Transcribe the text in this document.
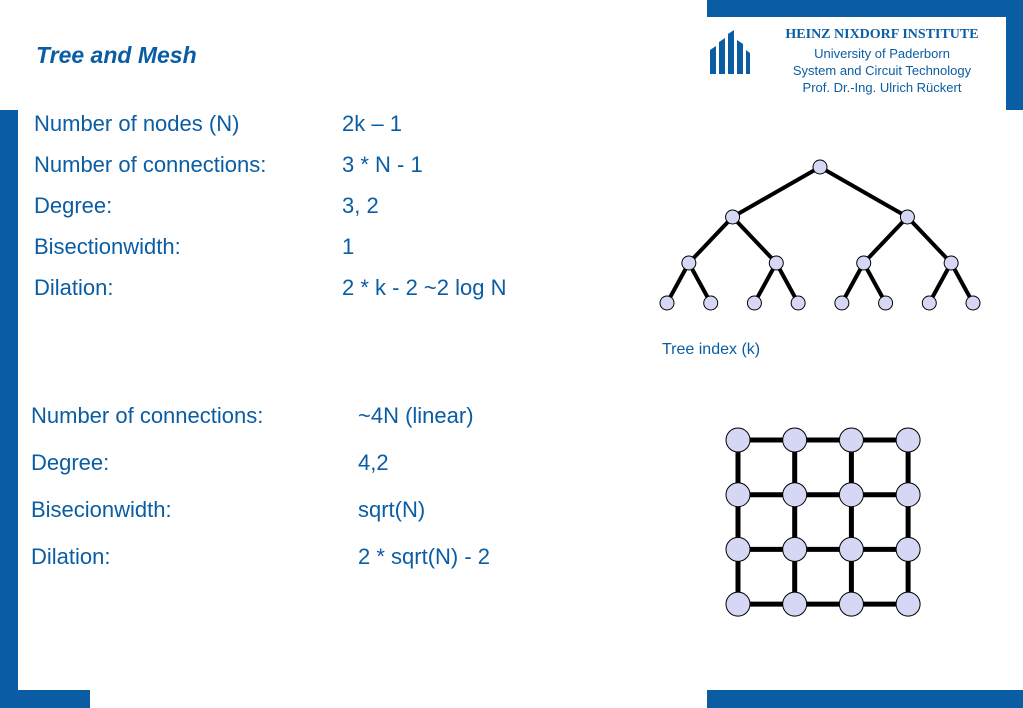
HEINZ NIXDORF INSTITUTE
University of Paderborn
System and Circuit Technology
Prof. Dr.-Ing. Ulrich Rückert
Tree and Mesh
Number of nodes (N)	2k – 1
Number of connections:	3 * N - 1
Degree:	3, 2
Bisectionwidth:	1
Dilation:	2 * k - 2 ~2 log N
Number of connections:	~4N (linear)
Degree:	4,2
Bisecionwidth:	sqrt(N)
Dilation:	2 * sqrt(N) - 2
Tree index (k)
16
